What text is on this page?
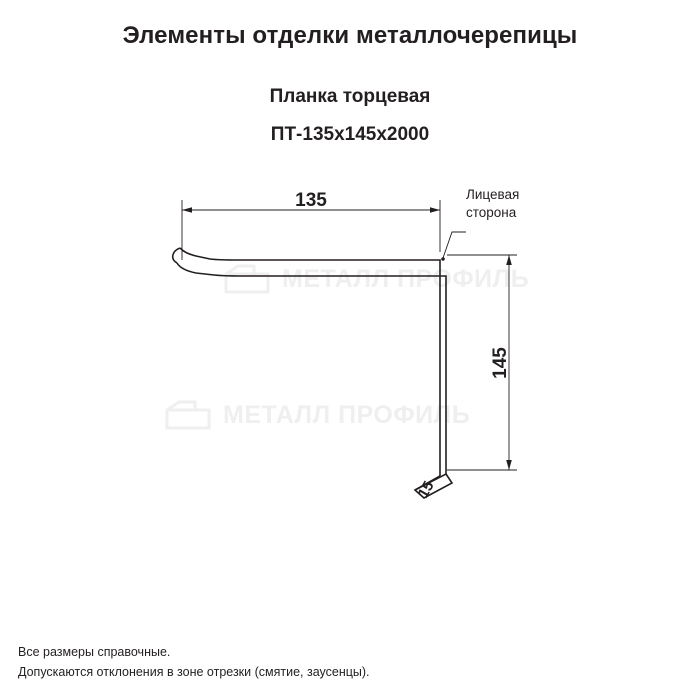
Элементы отделки металлочерепицы
Планка торцевая
ПТ-135х145х2000
МЕТАЛЛ ПРОФИЛЬ
МЕТАЛЛ ПРОФИЛЬ
135
145
15
Лицевая
сторона
Все размеры справочные.
Допускаются отклонения в зоне отрезки (смятие, заусенцы).
